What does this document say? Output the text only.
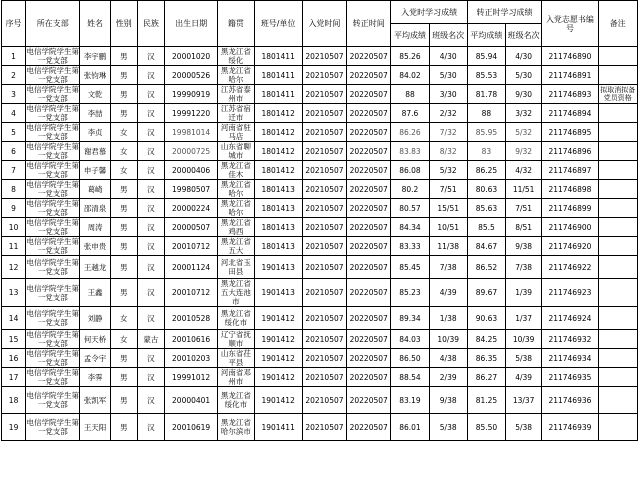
序号	所在支部	姓名	性别	民族	出生日期	籍贯	班号/单位	入党时间	转正时间	入党时学习成绩		转正时学习成绩		入党志愿书编号	备注
										平均成绩	班级名次	平均成绩	班级名次		
1	电信学院学生第一党支部	李宇鹏	男	汉	20001020	黑龙江省绥化	1801411	20210507	20220507	85.26	4/30	85.94	4/30	211746890	
2	电信学院学生第一党支部	张钧琳	男	汉	20000526	黑龙江省哈尔	1801411	20210507	20220507	84.02	5/30	85.53	5/30	211746891	
3	电信学院学生第一党支部	文乾	男	汉	19990919	江苏省泰州市	1801411	20210507	20220507	88	3/30	81.78	9/30	211746893	拟取消拟备党员资格
4	电信学院学生第一党支部	李喆	男	汉	19991220	江苏省宿迁市	1801412	20210507	20220507	87.6	2/32	88	3/32	211746894	
5	电信学院学生第一党支部	李贞	女	汉	19981014	河南省驻马店	1801412	20210507	20220507	86.26	7/32	85.95	5/32	211746895	
6	电信学院学生第一党支部	谢君慕	女	汉	20000725	山东省聊城市	1801412	20210507	20220507	83.83	8/32	83	9/32	211746896	
7	电信学院学生第一党支部	申子馨	女	汉	20000406	黑龙江省佳木	1801412	20210507	20220507	86.08	5/32	86.25	4/32	211746897	
8	电信学院学生第一党支部	葛崎	男	汉	19980507	黑龙江省哈尔	1801413	20210507	20220507	80.2	7/51	80.63	11/51	211746898	
9	电信学院学生第一党支部	邵清泉	男	汉	20000224	黑龙江省哈尔	1801413	20210507	20220507	80.57	15/51	85.63	7/51	211746899	
10	电信学院学生第一党支部	周涛	男	汉	20000507	黑龙江省鸡西	1801413	20210507	20220507	84.34	10/51	85.5	8/51	211746900	
11	电信学院学生第一党支部	张申贵	男	汉	20010712	黑龙江省五大	1801413	20210507	20220507	83.33	11/38	84.67	9/38	211746920	
12	电信学院学生第一党支部	王越龙	男	汉	20001124	河北省玉田县	1901413	20210507	20220507	85.45	7/38	86.52	7/38	211746922	
13	电信学院学生第一党支部	王鑫	男	汉	20010712	黑龙江省五大连池市	1901413	20210507	20220507	85.23	4/39	89.67	1/39	211746923	
14	电信学院学生第一党支部	刘静	女	汉	20010528	黑龙江省绥化市	1901412	20210507	20220507	89.34	1/38	90.63	1/37	211746924	
15	电信学院学生第一党支部	何天桥	女	蒙古	20010616	辽宁省抚顺市	1901412	20210507	20220507	84.03	10/39	84.25	10/39	211746932	
16	电信学院学生第一党支部	孟令宇	男	汉	20010203	山东省茌平县	1901412	20210507	20220507	86.50	4/38	86.35	5/38	211746934	
17	电信学院学生第一党支部	李霁	男	汉	19991012	河南省邓州市	1901412	20210507	20220507	88.54	2/39	86.27	4/39	211746935	
18	电信学院学生第一党支部	张凯军	男	汉	20000401	黑龙江省绥化市	1901412	20210507	20220507	83.19	9/38	81.25	13/37	211746936	
19	电信学院学生第一党支部	王天阳	男	汉	20010619	黑龙江省哈尔滨市	1901411	20210507	20220507	86.01	5/38	85.50	5/38	211746939	
